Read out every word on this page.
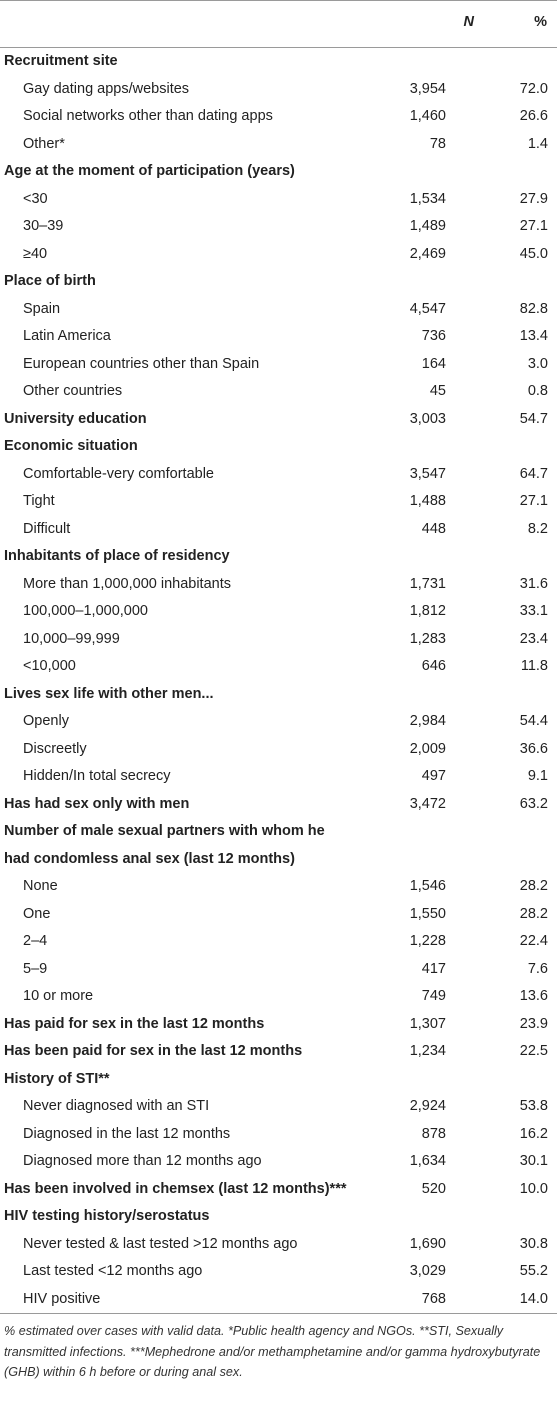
N	%
Recruitment site		
Gay dating apps/websites	3,954	72.0
Social networks other than dating apps	1,460	26.6
Other*	78	1.4
Age at the moment of participation (years)		
<30	1,534	27.9
30–39	1,489	27.1
≥40	2,469	45.0
Place of birth		
Spain	4,547	82.8
Latin America	736	13.4
European countries other than Spain	164	3.0
Other countries	45	0.8
University education	3,003	54.7
Economic situation		
Comfortable-very comfortable	3,547	64.7
Tight	1,488	27.1
Difficult	448	8.2
Inhabitants of place of residency		
More than 1,000,000 inhabitants	1,731	31.6
100,000–1,000,000	1,812	33.1
10,000–99,999	1,283	23.4
<10,000	646	11.8
Lives sex life with other men...		
Openly	2,984	54.4
Discreetly	2,009	36.6
Hidden/In total secrecy	497	9.1
Has had sex only with men	3,472	63.2
Number of male sexual partners with whom he had condomless anal sex (last 12 months)		
None	1,546	28.2
One	1,550	28.2
2–4	1,228	22.4
5–9	417	7.6
10 or more	749	13.6
Has paid for sex in the last 12 months	1,307	23.9
Has been paid for sex in the last 12 months	1,234	22.5
History of STI**		
Never diagnosed with an STI	2,924	53.8
Diagnosed in the last 12 months	878	16.2
Diagnosed more than 12 months ago	1,634	30.1
Has been involved in chemsex (last 12 months)***	520	10.0
HIV testing history/serostatus		
Never tested & last tested >12 months ago	1,690	30.8
Last tested <12 months ago	3,029	55.2
HIV positive	768	14.0
% estimated over cases with valid data. *Public health agency and NGOs. **STI, Sexually transmitted infections. ***Mephedrone and/or methamphetamine and/or gamma hydroxybutyrate (GHB) within 6 h before or during anal sex.
